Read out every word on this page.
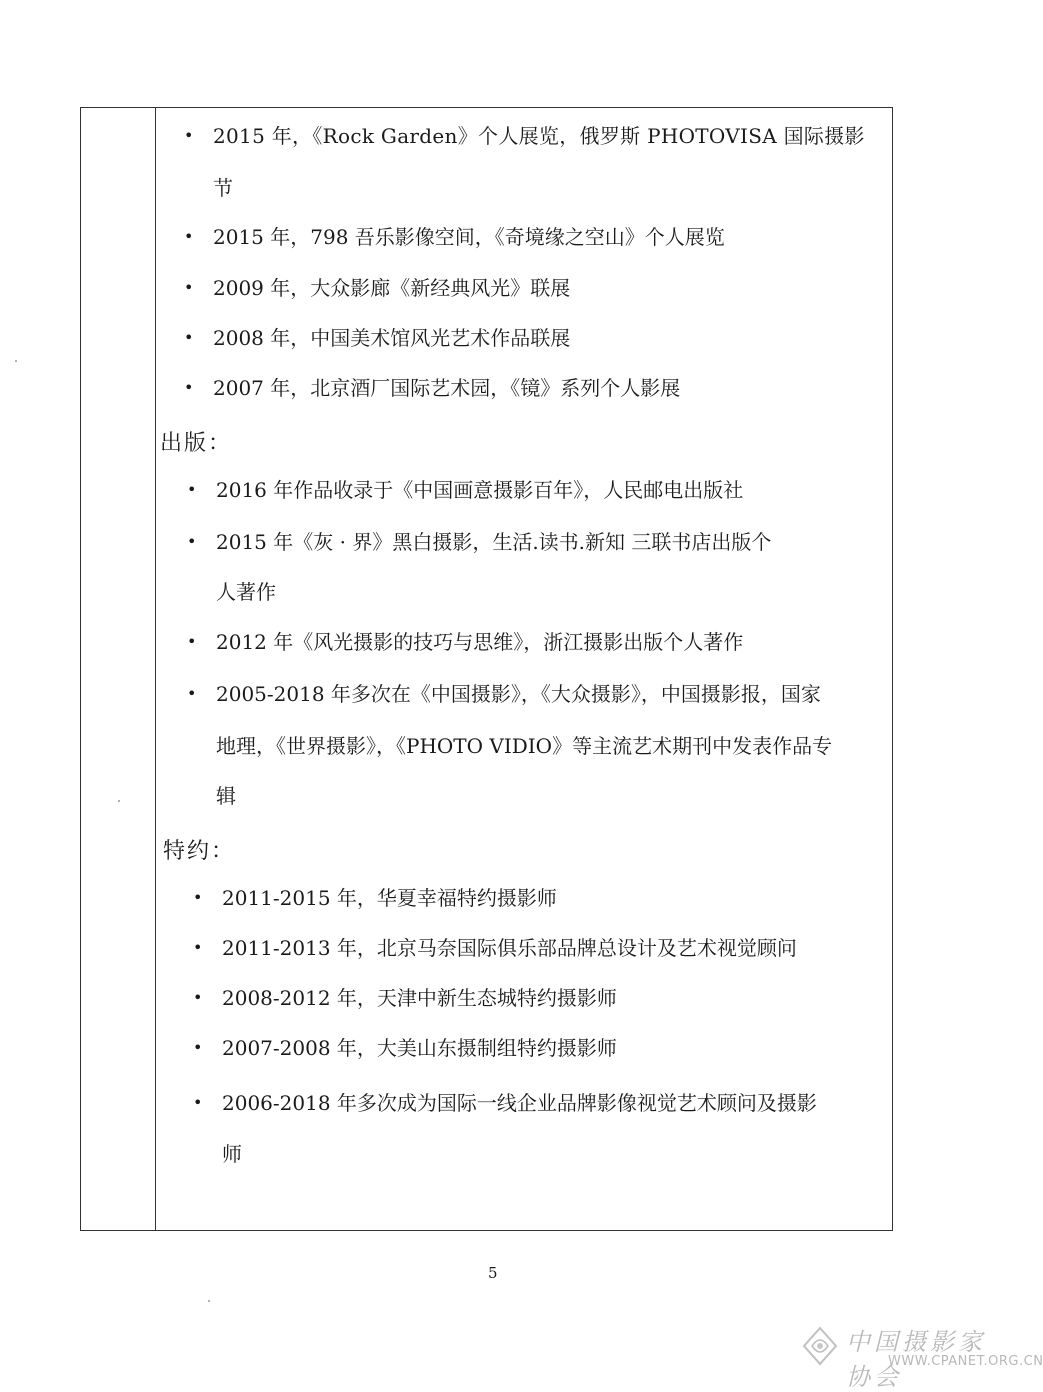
• 2015 年，《Rock Garden》个人展览，俄罗斯 PHOTOVISA 国际摄影
节
• 2015 年，798 吾乐影像空间，《奇境缘之空山》个人展览
• 2009 年，大众影廊《新经典风光》联展
• 2008 年，中国美术馆风光艺术作品联展
• 2007 年，北京酒厂国际艺术园，《镜》系列个人影展
出版：
• 2016 年作品收录于《中国画意摄影百年》，人民邮电出版社
• 2015 年《灰 · 界》黑白摄影，生活.读书.新知 三联书店出版个
人著作
• 2012 年《风光摄影的技巧与思维》，浙江摄影出版个人著作
• 2005-2018 年多次在《中国摄影》，《大众摄影》，中国摄影报，国家
地理，《世界摄影》，《PHOTO VIDIO》等主流艺术期刊中发表作品专
辑
特约：
• 2011-2015 年，华夏幸福特约摄影师
• 2011-2013 年，北京马奈国际俱乐部品牌总设计及艺术视觉顾问
• 2008-2012 年，天津中新生态城特约摄影师
• 2007-2008 年，大美山东摄制组特约摄影师
• 2006-2018 年多次成为国际一线企业品牌影像视觉艺术顾问及摄影
师
5
中国摄影家协会
WWW.CPANET.ORG.CN
